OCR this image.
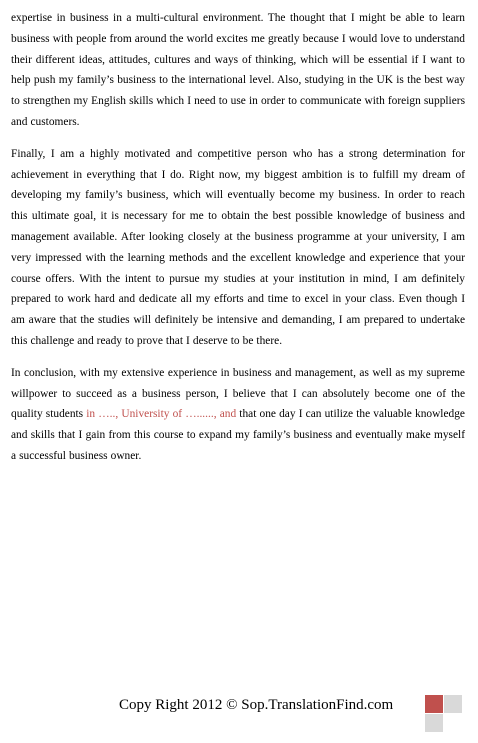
expertise in business in a multi-cultural environment. The thought that I might be able to learn business with people from around the world excites me greatly because I would love to understand their different ideas, attitudes, cultures and ways of thinking, which will be essential if I want to help push my family’s business to the international level. Also, studying in the UK is the best way to strengthen my English skills which I need to use in order to communicate with foreign suppliers and customers.

Finally, I am a highly motivated and competitive person who has a strong determination for achievement in everything that I do. Right now, my biggest ambition is to fulfill my dream of developing my family’s business, which will eventually become my business. In order to reach this ultimate goal, it is necessary for me to obtain the best possible knowledge of business and management available. After looking closely at the business programme at your university, I am very impressed with the learning methods and the excellent knowledge and experience that your course offers. With the intent to pursue my studies at your institution in mind, I am definitely prepared to work hard and dedicate all my efforts and time to excel in your class. Even though I am aware that the studies will definitely be intensive and demanding, I am prepared to undertake this challenge and ready to prove that I deserve to be there.

In conclusion, with my extensive experience in business and management, as well as my supreme willpower to succeed as a business person, I believe that I can absolutely become one of the quality students in ….., University of …......, and that one day I can utilize the valuable knowledge and skills that I gain from this course to expand my family’s business and eventually make myself a successful business owner.

Copy Right 2012 © Sop.TranslationFind.com
